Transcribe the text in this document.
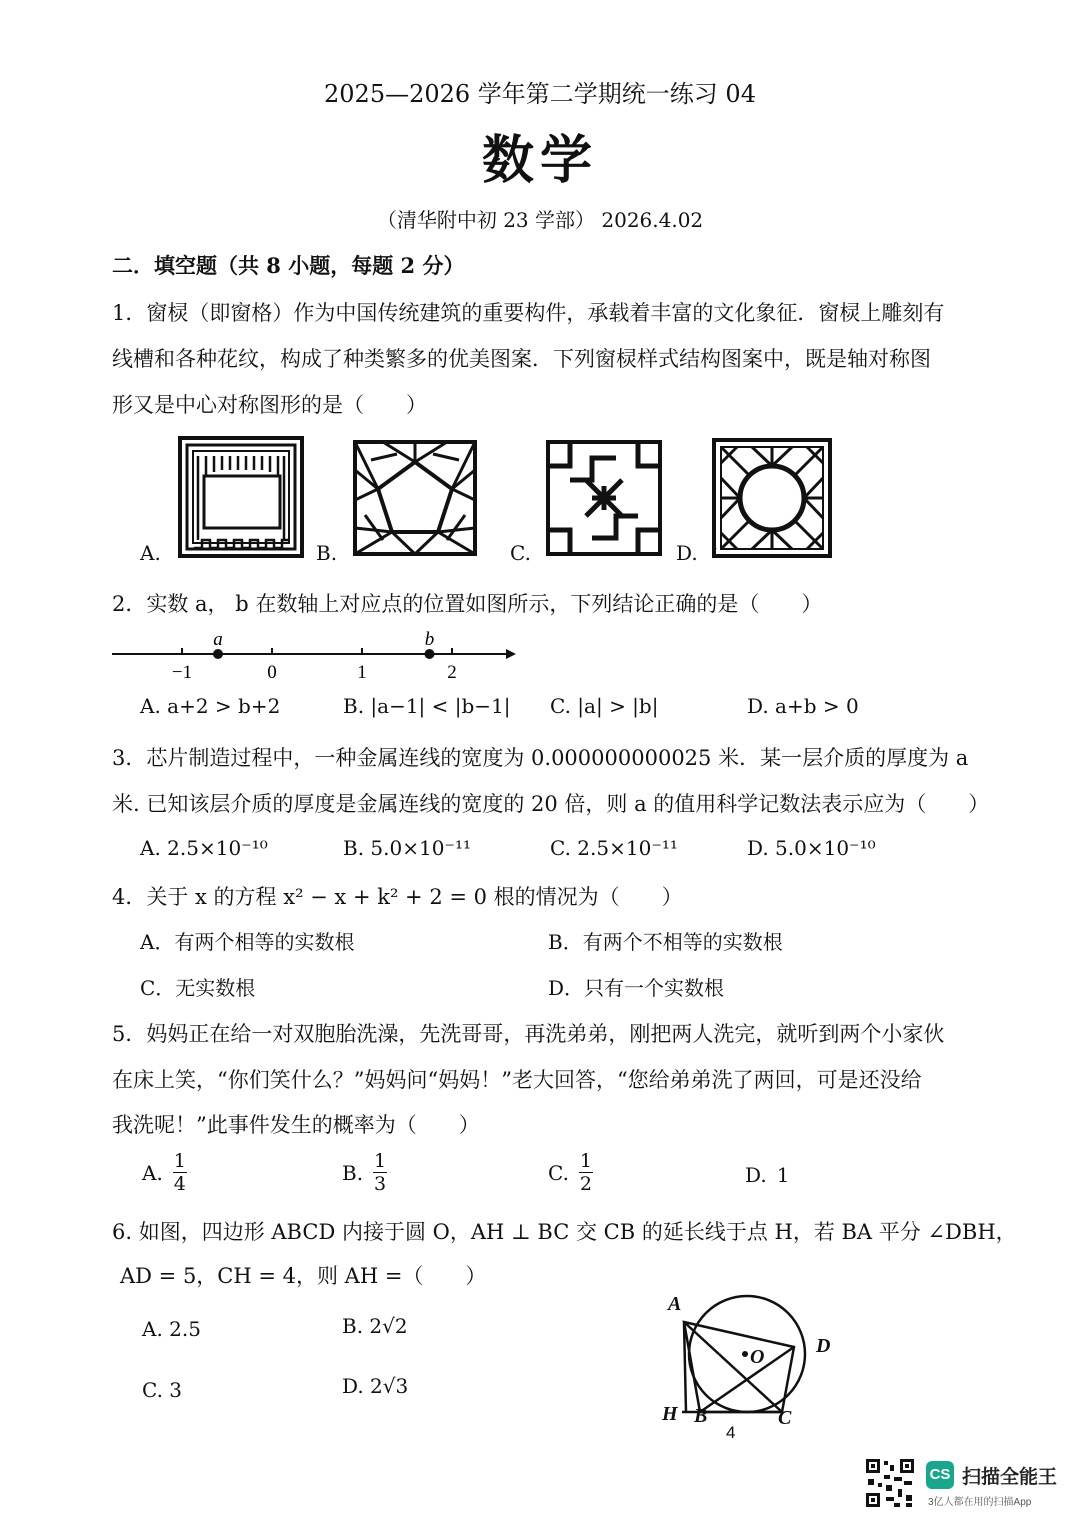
2025—2026 学年第二学期统一练习 04
数学
（清华附中初 23 学部） 2026.4.02
二．填空题（共 8 小题，每题 2 分）
1．窗棂（即窗格）作为中国传统建筑的重要构件，承载着丰富的文化象征．窗棂上雕刻有
线槽和各种花纹，构成了种类繁多的优美图案．下列窗棂样式结构图案中，既是轴对称图
形又是中心对称图形的是（　　）
A.	B.	C.	D.
2．实数 a， b 在数轴上对应点的位置如图所示，下列结论正确的是（　　）
−1	0	1	2
a	b
A. a+2 > b+2	B. |a−1| < |b−1| C. |a| > |b|	D. a+b > 0
3．芯片制造过程中，一种金属连线的宽度为 0.000000000025 米．某一层介质的厚度为 a
米. 已知该层介质的厚度是金属连线的宽度的 20 倍，则 a 的值用科学记数法表示应为（　　）
A. 2.5×10⁻¹⁰	B. 5.0×10⁻¹¹	C. 2.5×10⁻¹¹	D. 5.0×10⁻¹⁰
4．关于 x 的方程 x² − x + k² + 2 = 0 根的情况为（　　）
A．有两个相等的实数根	B．有两个不相等的实数根
C．无实数根	D．只有一个实数根
5．妈妈正在给一对双胞胎洗澡，先洗哥哥，再洗弟弟，刚把两人洗完，就听到两个小家伙
在床上笑，“你们笑什么？”妈妈问“妈妈！”老大回答，“您给弟弟洗了两回，可是还没给
我洗呢！”此事件发生的概率为（　　）
A. $\frac{1}{4}$	B. $\frac{1}{3}$	C. $\frac{1}{2}$	D. 1
6. 如图，四边形 ABCD 内接于圆 O，AH ⊥ BC 交 CB 的延长线于点 H，若 BA 平分 ∠DBH，
AD = 5，CH = 4，则 AH =（　　）
A. 2.5	B. 2√2
C. 3	D. 2√3
A
D
O
H B	C
4
CS 扫描全能王
3亿人都在用的扫描App
